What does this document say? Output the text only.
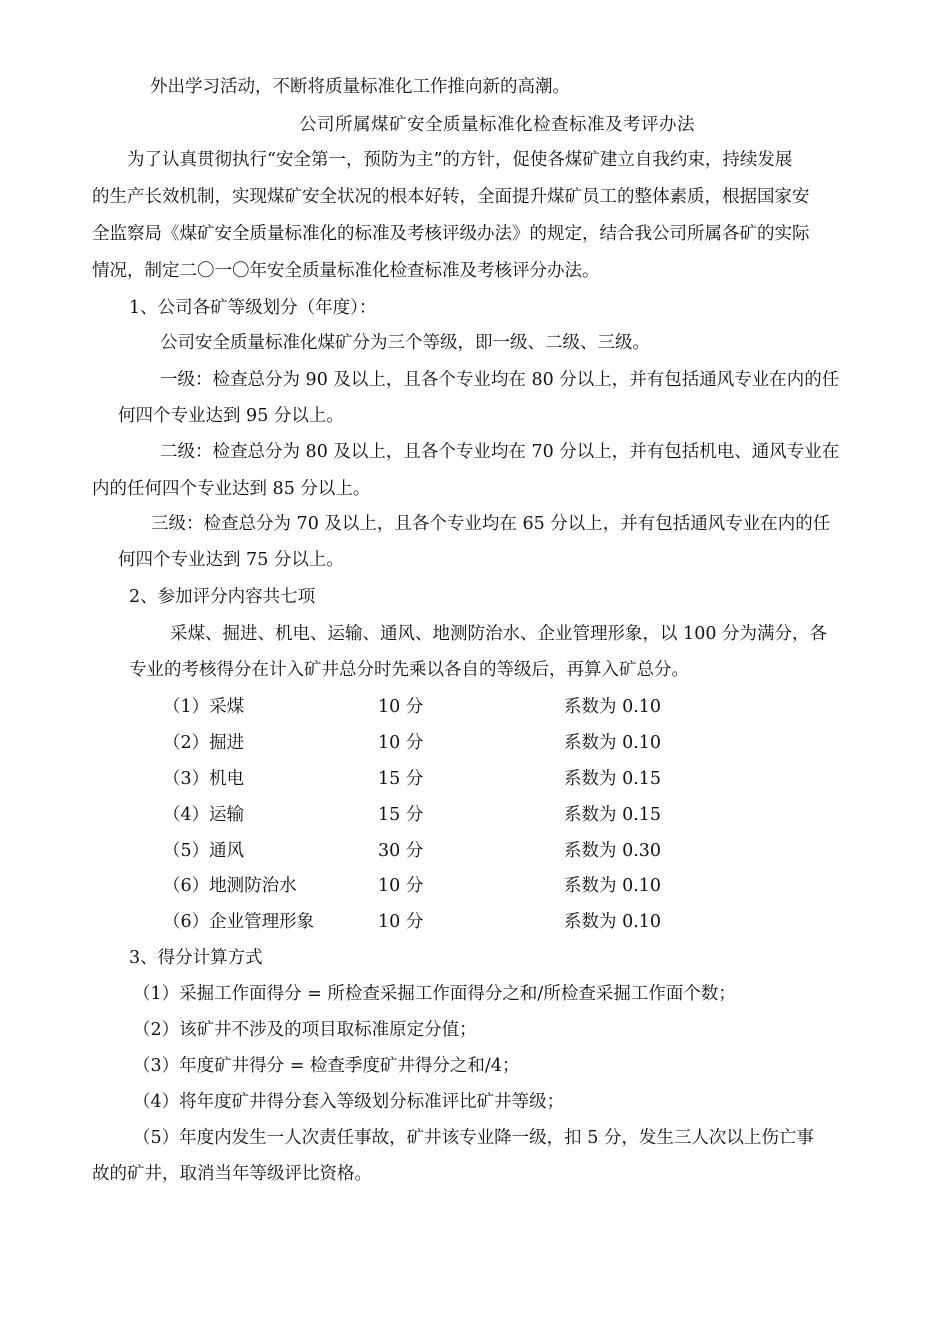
外出学习活动，不断将质量标准化工作推向新的高潮。
公司所属煤矿安全质量标准化检查标准及考评办法
为了认真贯彻执行“安全第一，预防为主”的方针，促使各煤矿建立自我约束，持续发展
的生产长效机制，实现煤矿安全状况的根本好转，全面提升煤矿员工的整体素质，根据国家安
全监察局《煤矿安全质量标准化的标准及考核评级办法》的规定，结合我公司所属各矿的实际
情况，制定二〇一〇年安全质量标准化检查标准及考核评分办法。
1、公司各矿等级划分（年度）：
公司安全质量标准化煤矿分为三个等级，即一级、二级、三级。
一级：检查总分为 90 及以上，且各个专业均在 80 分以上，并有包括通风专业在内的任
何四个专业达到 95 分以上。
二级：检查总分为 80 及以上，且各个专业均在 70 分以上，并有包括机电、通风专业在
内的任何四个专业达到 85 分以上。
三级：检查总分为 70 及以上，且各个专业均在 65 分以上，并有包括通风专业在内的任
何四个专业达到 75 分以上。
2、参加评分内容共七项
采煤、掘进、机电、运输、通风、地测防治水、企业管理形象，以 100 分为满分，各
专业的考核得分在计入矿井总分时先乘以各自的等级后，再算入矿总分。
（1）采煤	10 分	系数为 0.10
（2）掘进	10 分	系数为 0.10
（3）机电	15 分	系数为 0.15
（4）运输	15 分	系数为 0.15
（5）通风	30 分	系数为 0.30
（6）地测防治水	10 分	系数为 0.10
（6）企业管理形象	10 分	系数为 0.10
3、得分计算方式
（1）采掘工作面得分 = 所检查采掘工作面得分之和/所检查采掘工作面个数；
（2）该矿井不涉及的项目取标准原定分值；
（3）年度矿井得分 = 检查季度矿井得分之和/4；
（4）将年度矿井得分套入等级划分标准评比矿井等级；
（5）年度内发生一人次责任事故，矿井该专业降一级，扣 5 分，发生三人次以上伤亡事
故的矿井，取消当年等级评比资格。
